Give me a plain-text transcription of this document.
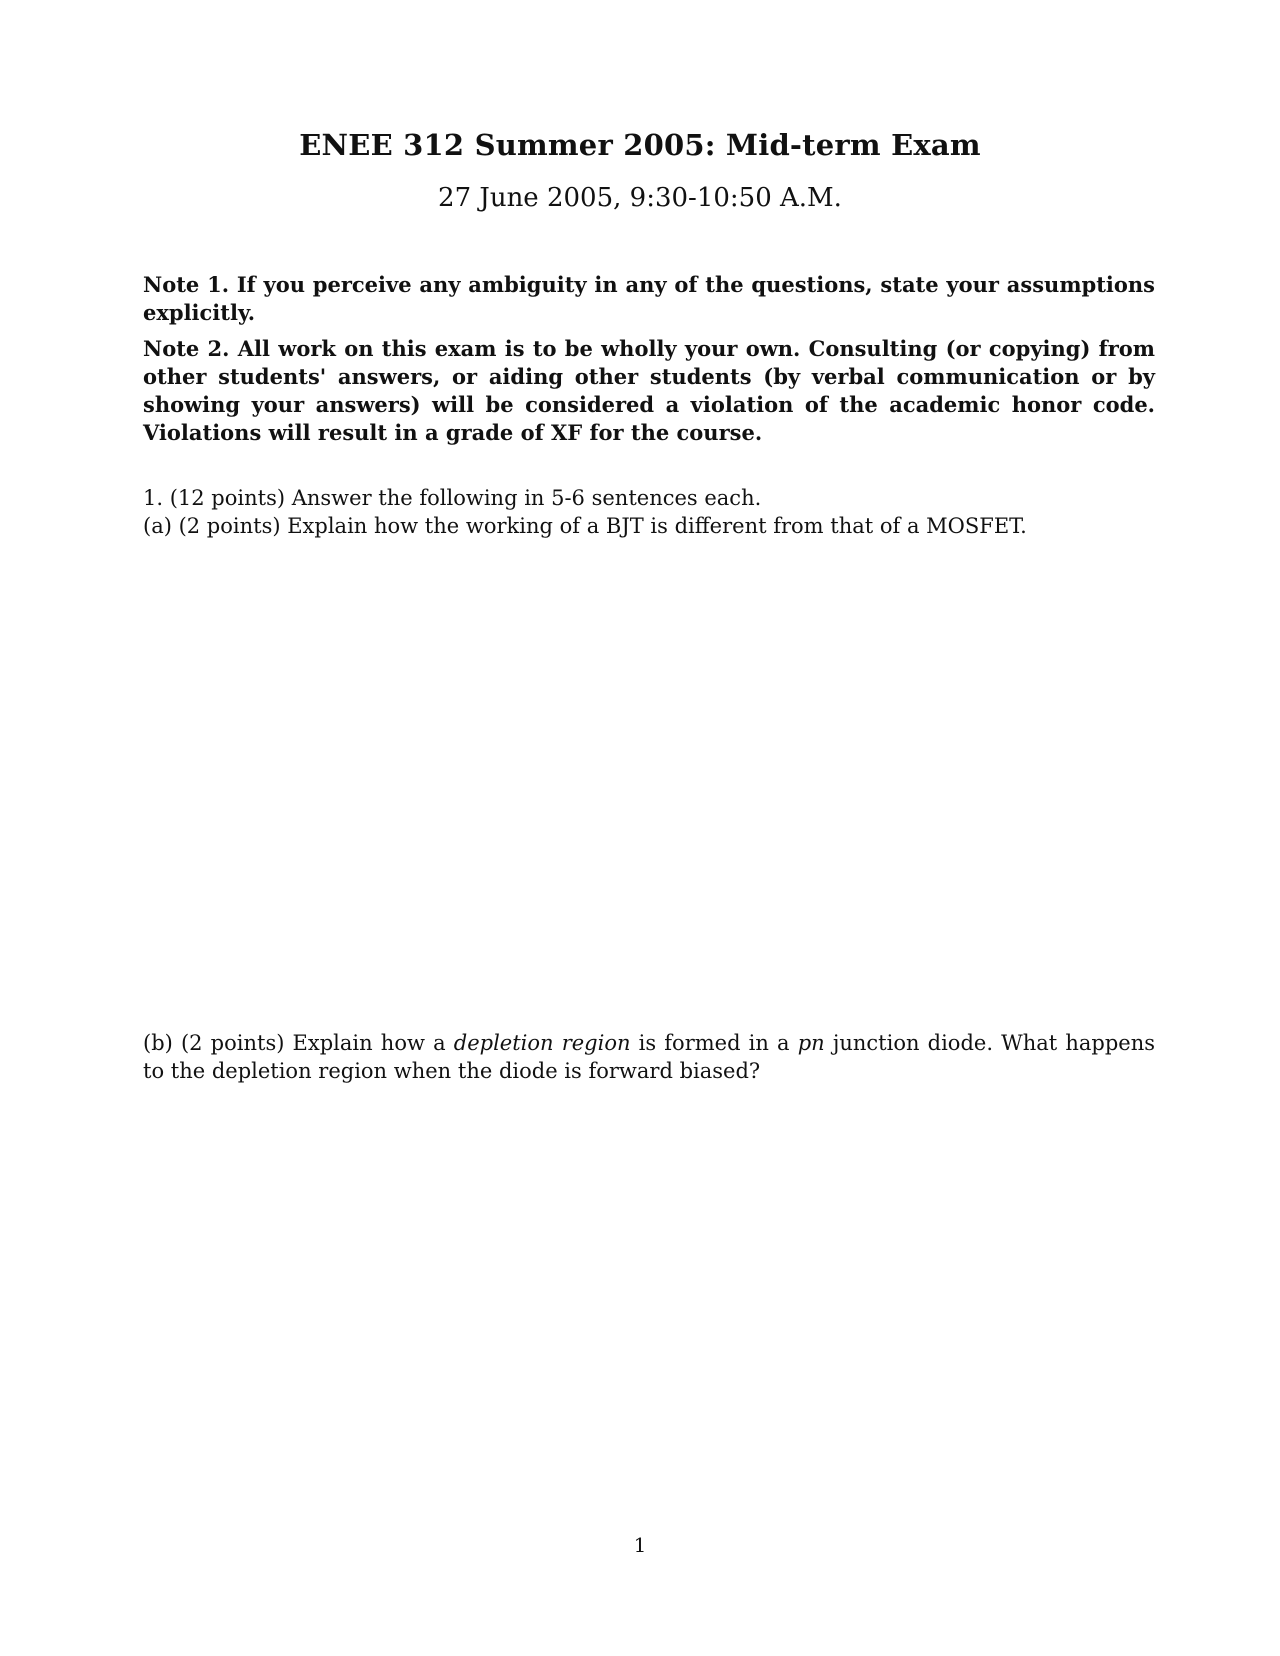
ENEE 312 Summer 2005: Mid-term Exam
27 June 2005, 9:30-10:50 A.M.
Note 1. If you perceive any ambiguity in any of the questions, state your assumptions explicitly.
Note 2. All work on this exam is to be wholly your own. Consulting (or copying) from other students' answers, or aiding other students (by verbal communication or by showing your answers) will be considered a violation of the academic honor code. Violations will result in a grade of XF for the course.
1. (12 points) Answer the following in 5-6 sentences each.
(a) (2 points) Explain how the working of a BJT is different from that of a MOSFET.
(b) (2 points) Explain how a depletion region is formed in a pn junction diode. What happens to the depletion region when the diode is forward biased?
1
